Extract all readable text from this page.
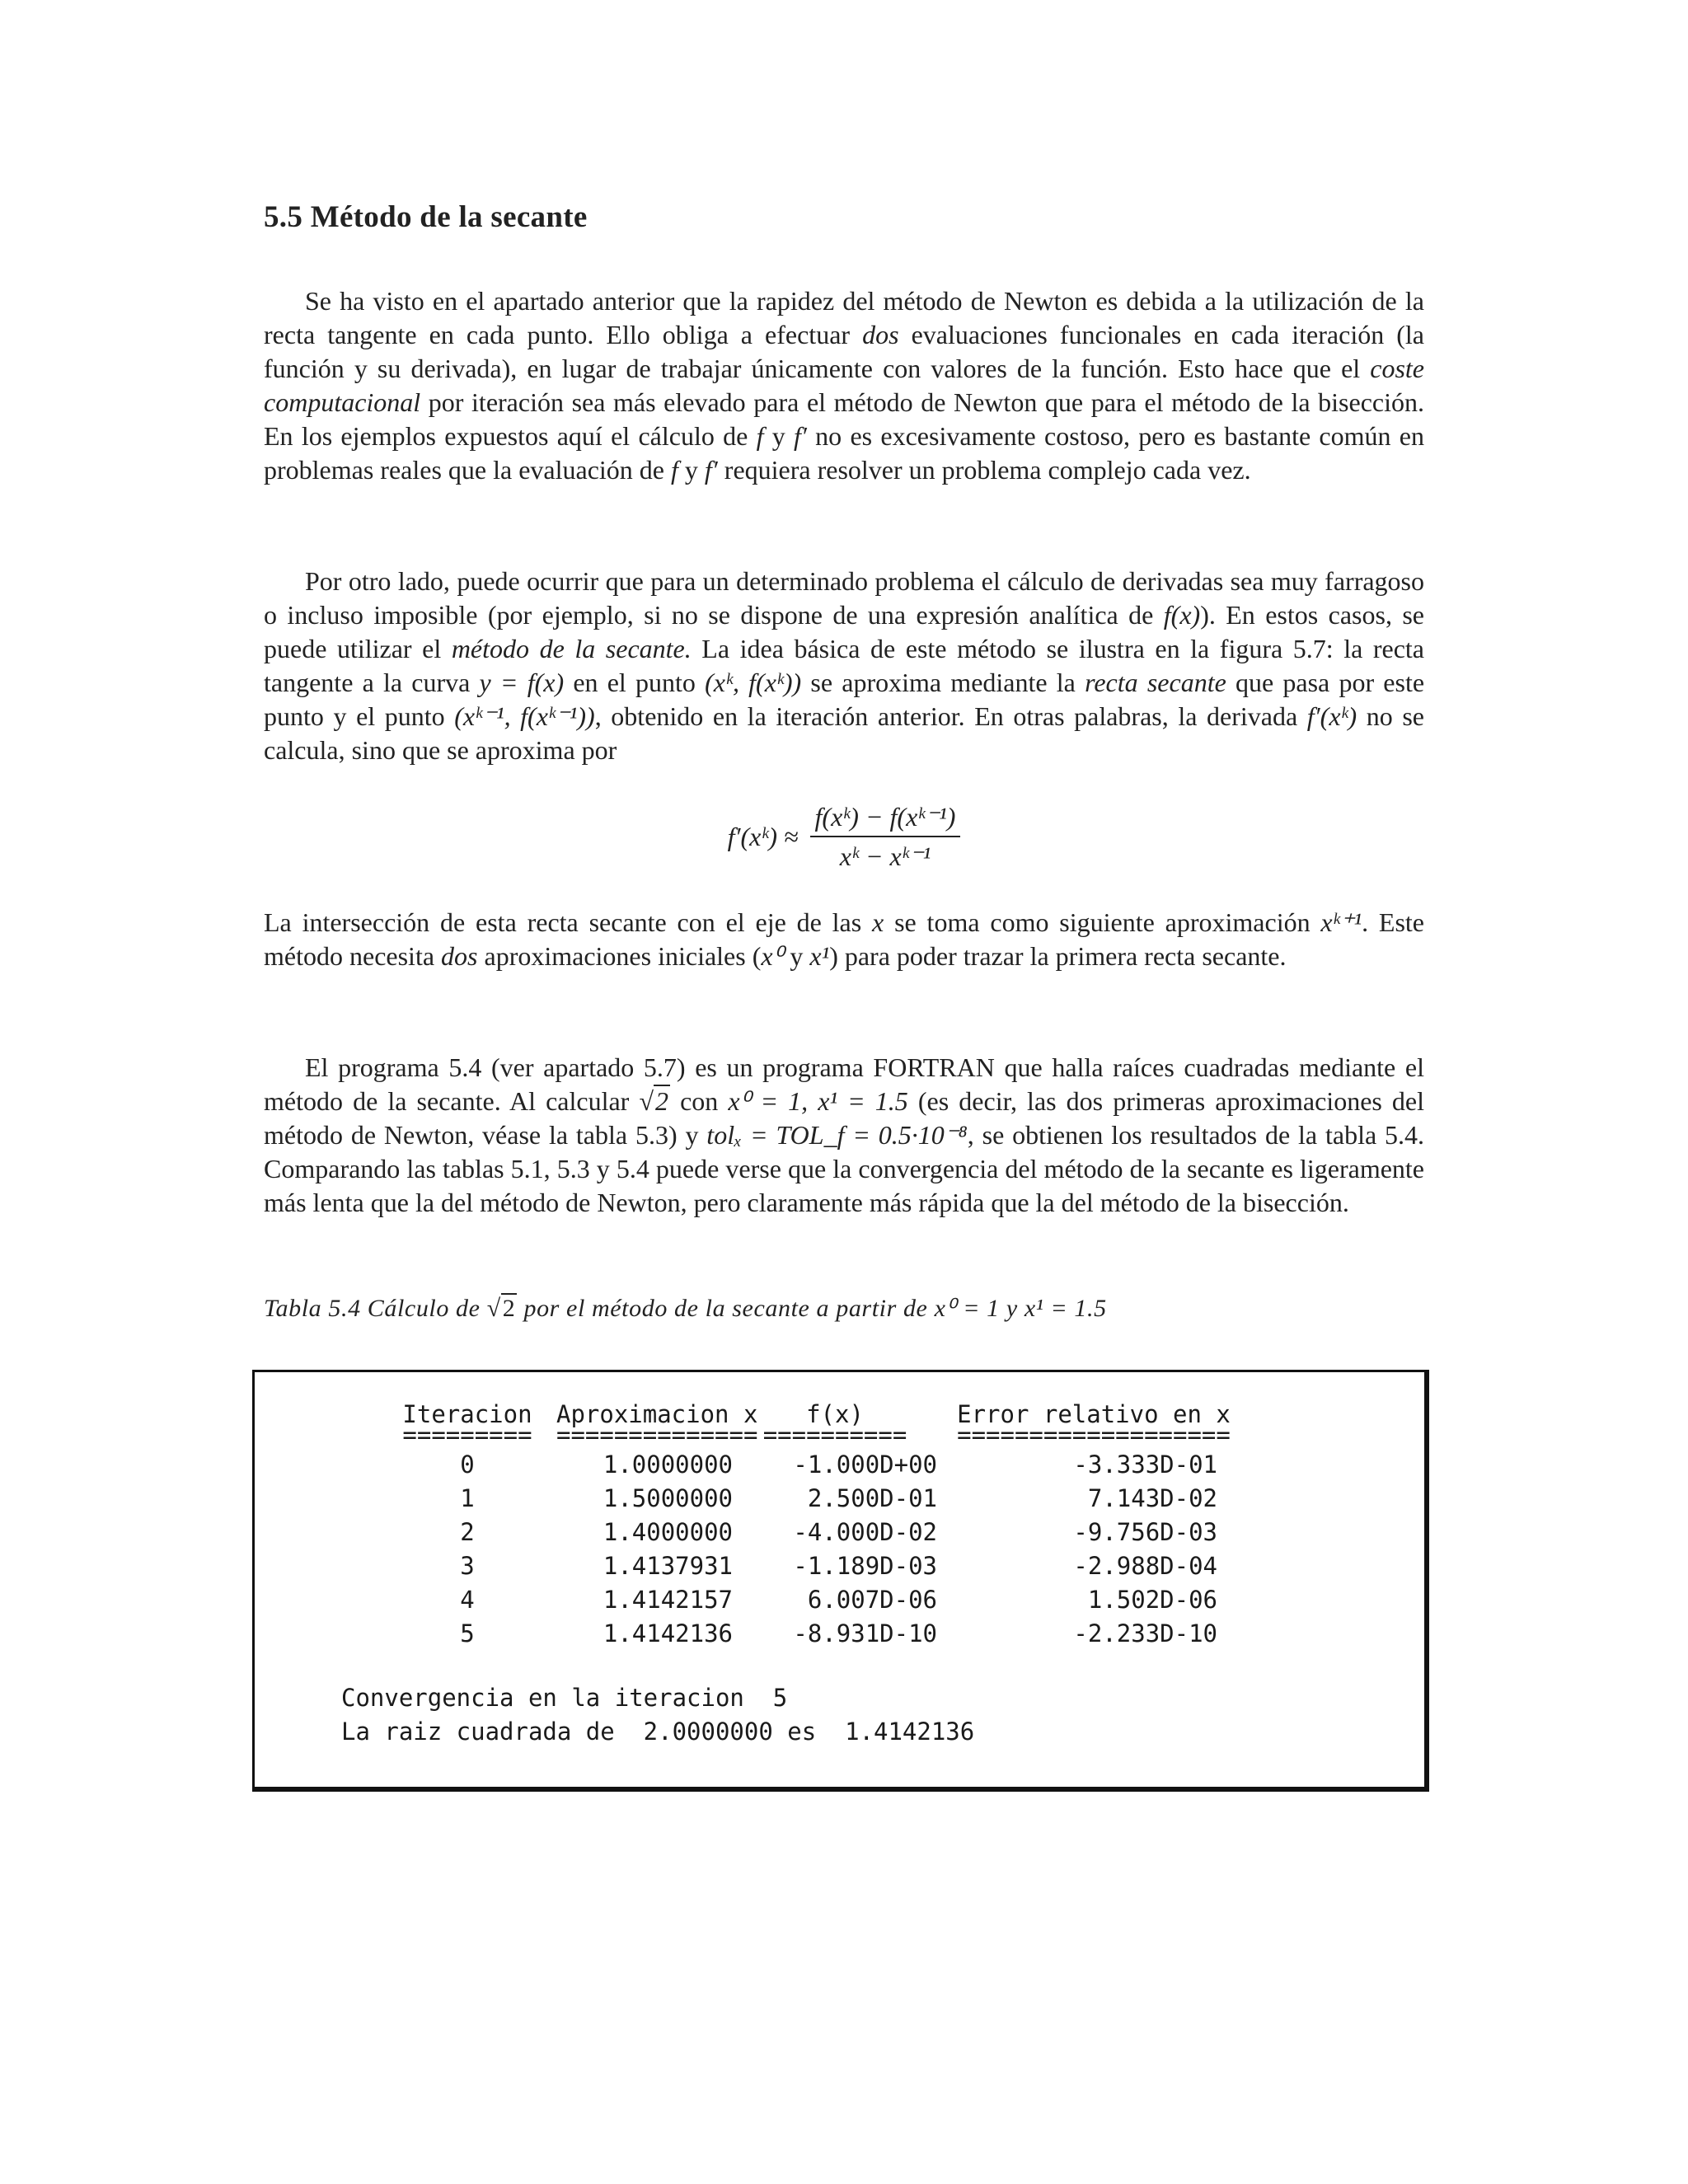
5.5 Método de la secante

Se ha visto en el apartado anterior que la rapidez del método de Newton es debida a la utilización de la recta tangente en cada punto. Ello obliga a efectuar dos evaluaciones funcionales en cada iteración (la función y su derivada), en lugar de trabajar únicamente con valores de la función. Esto hace que el coste computacional por iteración sea más elevado para el método de Newton que para el método de la bisección. En los ejemplos expuestos aquí el cálculo de f y f′ no es excesivamente costoso, pero es bastante común en problemas reales que la evaluación de f y f′ requiera resolver un problema complejo cada vez.

Por otro lado, puede ocurrir que para un determinado problema el cálculo de derivadas sea muy farragoso o incluso imposible (por ejemplo, si no se dispone de una expresión analítica de f(x)). En estos casos, se puede utilizar el método de la secante. La idea básica de este método se ilustra en la figura 5.7: la recta tangente a la curva y = f(x) en el punto (xᵏ, f(xᵏ)) se aproxima mediante la recta secante que pasa por este punto y el punto (xᵏ⁻¹, f(xᵏ⁻¹)), obtenido en la iteración anterior. En otras palabras, la derivada f′(xᵏ) no se calcula, sino que se aproxima por

f′(xᵏ) ≈ $\frac{\text{f(xᵏ) − f(xᵏ⁻¹)}}{\text{xᵏ − xᵏ⁻¹}}$

La intersección de esta recta secante con el eje de las x se toma como siguiente aproximación xᵏ⁺¹. Este método necesita dos aproximaciones iniciales (x⁰ y x¹) para poder trazar la primera recta secante.

El programa 5.4 (ver apartado 5.7) es un programa FORTRAN que halla raíces cuadradas mediante el método de la secante. Al calcular √2 con x⁰ = 1, x¹ = 1.5 (es decir, las dos primeras aproximaciones del método de Newton, véase la tabla 5.3) y tolₓ = TOL_f = 0.5·10⁻⁸, se obtienen los resultados de la tabla 5.4. Comparando las tablas 5.1, 5.3 y 5.4 puede verse que la convergencia del método de la secante es ligeramente más lenta que la del método de Newton, pero claramente más rápida que la del método de la bisección.

Tabla 5.4 Cálculo de √2 por el método de la secante a partir de x⁰ = 1 y x¹ = 1.5

Iteracion	Aproximacion x	f(x)	Error relativo en x
=========	============== ==========	===================
0	1.0000000	-1.000D+00	-3.333D-01
1	1.5000000	2.500D-01	7.143D-02
2	1.4000000	-4.000D-02	-9.756D-03
3	1.4137931	-1.189D-03	-2.988D-04
4	1.4142157	6.007D-06	1.502D-06
5	1.4142136	-8.931D-10	-2.233D-10
Convergencia en la iteracion  5
La raiz cuadrada de  2.0000000 es  1.4142136
